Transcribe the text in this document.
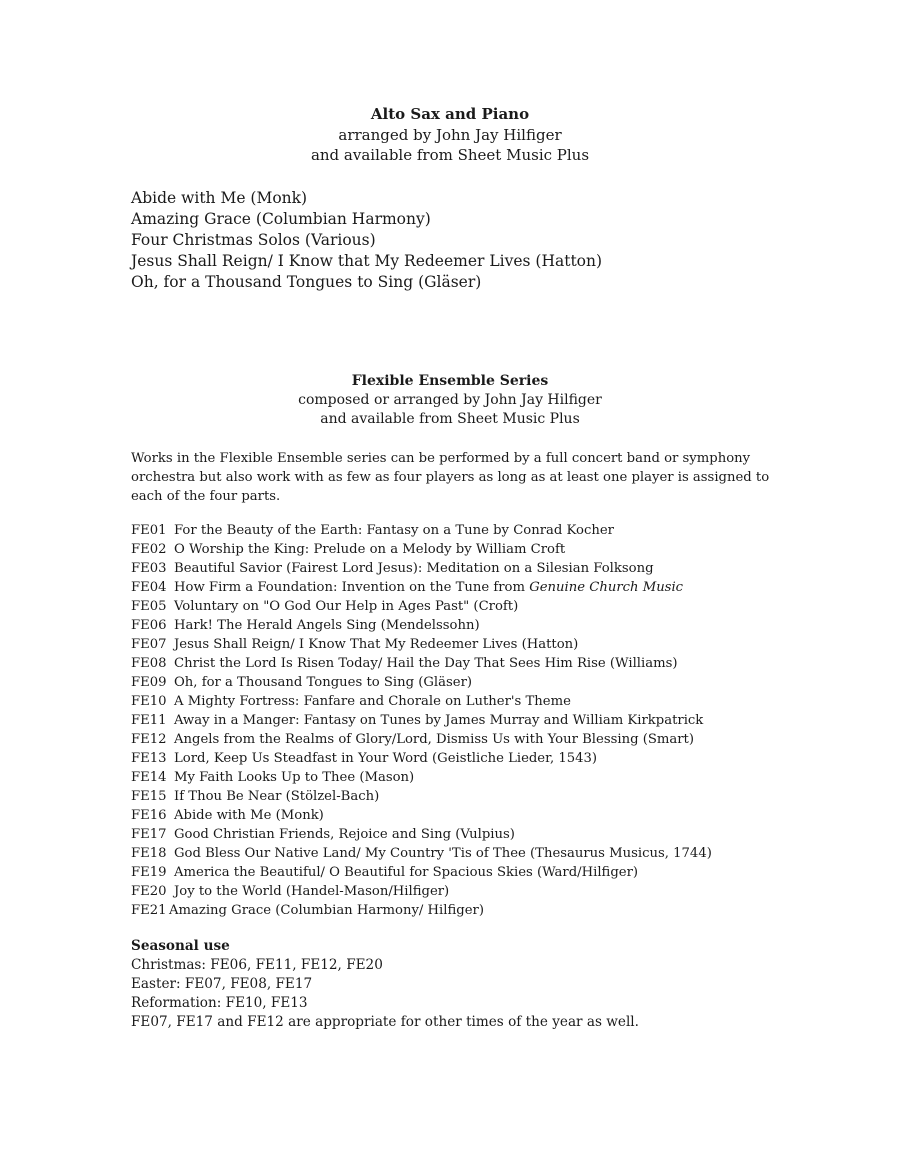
Alto Sax and Piano
arranged by John Jay Hilfiger
and available from Sheet Music Plus
Abide with Me (Monk)
Amazing Grace (Columbian Harmony)
Four Christmas Solos (Various)
Jesus Shall Reign/ I Know that My Redeemer Lives (Hatton)
Oh, for a Thousand Tongues to Sing (Gläser)
Flexible Ensemble Series
composed or arranged by John Jay Hilfiger
and available from Sheet Music Plus
Works in the Flexible Ensemble series can be performed by a full concert band or symphony
orchestra but also work with as few as four players as long as at least one player is assigned to
each of the four parts.
FE01 For the Beauty of the Earth: Fantasy on a Tune by Conrad Kocher
FE02 O Worship the King: Prelude on a Melody by William Croft
FE03 Beautiful Savior (Fairest Lord Jesus): Meditation on a Silesian Folksong
FE04 How Firm a Foundation: Invention on the Tune from Genuine Church Music
FE05 Voluntary on "O God Our Help in Ages Past" (Croft)
FE06 Hark! The Herald Angels Sing (Mendelssohn)
FE07 Jesus Shall Reign/ I Know That My Redeemer Lives (Hatton)
FE08 Christ the Lord Is Risen Today/ Hail the Day That Sees Him Rise (Williams)
FE09 Oh, for a Thousand Tongues to Sing (Gläser)
FE10 A Mighty Fortress: Fanfare and Chorale on Luther's Theme
FE11 Away in a Manger: Fantasy on Tunes by James Murray and William Kirkpatrick
FE12 Angels from the Realms of Glory/Lord, Dismiss Us with Your Blessing (Smart)
FE13 Lord, Keep Us Steadfast in Your Word (Geistliche Lieder, 1543)
FE14 My Faith Looks Up to Thee (Mason)
FE15 If Thou Be Near (Stölzel-Bach)
FE16 Abide with Me (Monk)
FE17 Good Christian Friends, Rejoice and Sing (Vulpius)
FE18 God Bless Our Native Land/ My Country 'Tis of Thee (Thesaurus Musicus, 1744)
FE19 America the Beautiful/ O Beautiful for Spacious Skies (Ward/Hilfiger)
FE20 Joy to the World (Handel-Mason/Hilfiger)
FE21 Amazing Grace (Columbian Harmony/ Hilfiger)
Seasonal use
Christmas: FE06, FE11, FE12, FE20
Easter: FE07, FE08, FE17
Reformation: FE10, FE13
FE07, FE17 and FE12 are appropriate for other times of the year as well.
